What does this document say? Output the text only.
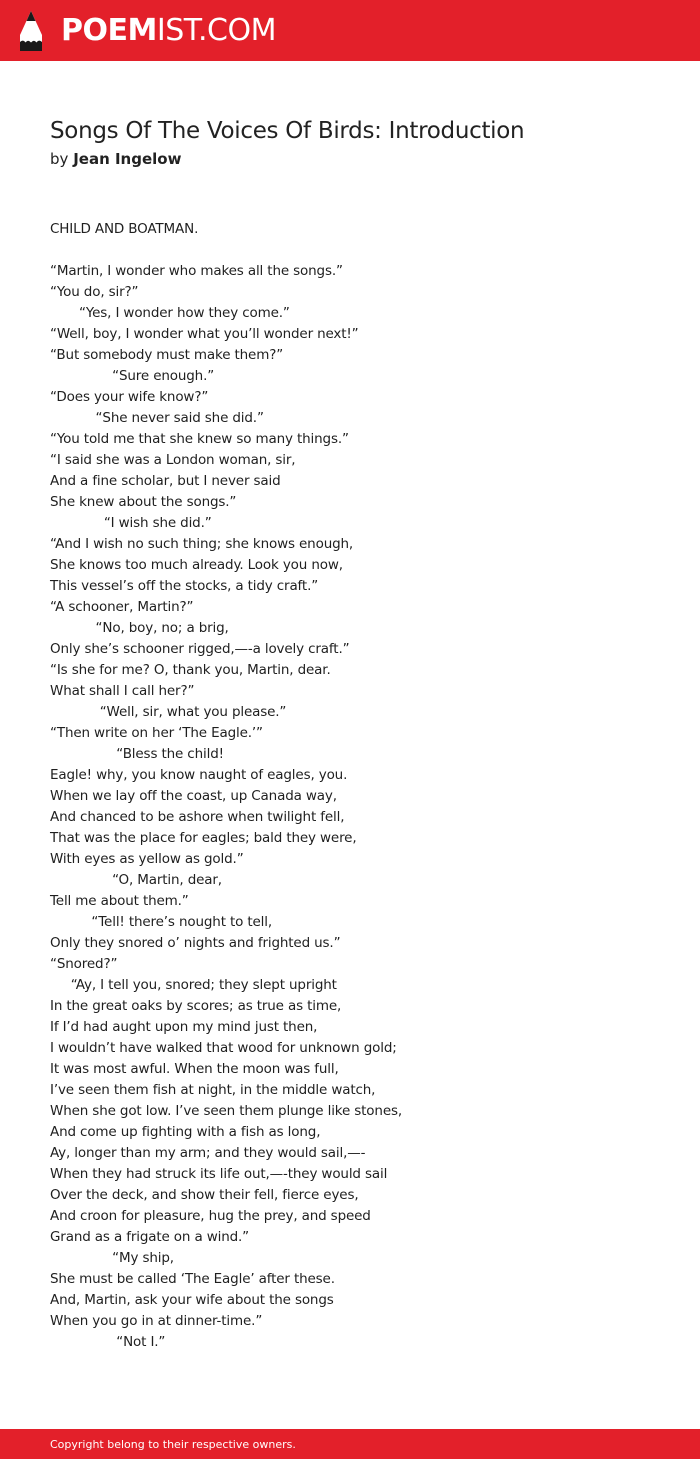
POEMIST.COM
Songs Of The Voices Of Birds: Introduction
by Jean Ingelow
CHILD AND BOATMAN.
“Martin, I wonder who makes all the songs.”
“You do, sir?”
“Yes, I wonder how they come.”
“Well, boy, I wonder what you’ll wonder next!”
“But somebody must make them?”
“Sure enough.”
“Does your wife know?”
“She never said she did.”
“You told me that she knew so many things.”
“I said she was a London woman, sir,
And a fine scholar, but I never said
She knew about the songs.”
“I wish she did.”
“And I wish no such thing; she knows enough,
She knows too much already. Look you now,
This vessel’s off the stocks, a tidy craft.”
“A schooner, Martin?”
“No, boy, no; a brig,
Only she’s schooner rigged,—-a lovely craft.”
“Is she for me? O, thank you, Martin, dear.
What shall I call her?”
“Well, sir, what you please.”
“Then write on her ‘The Eagle.’”
“Bless the child!
Eagle! why, you know naught of eagles, you.
When we lay off the coast, up Canada way,
And chanced to be ashore when twilight fell,
That was the place for eagles; bald they were,
With eyes as yellow as gold.”
“O, Martin, dear,
Tell me about them.”
“Tell! there’s nought to tell,
Only they snored o’ nights and frighted us.”
“Snored?”
“Ay, I tell you, snored; they slept upright
In the great oaks by scores; as true as time,
If I’d had aught upon my mind just then,
I wouldn’t have walked that wood for unknown gold;
It was most awful. When the moon was full,
I’ve seen them fish at night, in the middle watch,
When she got low. I’ve seen them plunge like stones,
And come up fighting with a fish as long,
Ay, longer than my arm; and they would sail,—-
When they had struck its life out,—-they would sail
Over the deck, and show their fell, fierce eyes,
And croon for pleasure, hug the prey, and speed
Grand as a frigate on a wind.”
“My ship,
She must be called ‘The Eagle’ after these.
And, Martin, ask your wife about the songs
When you go in at dinner-time.”
“Not I.”
Copyright belong to their respective owners.
